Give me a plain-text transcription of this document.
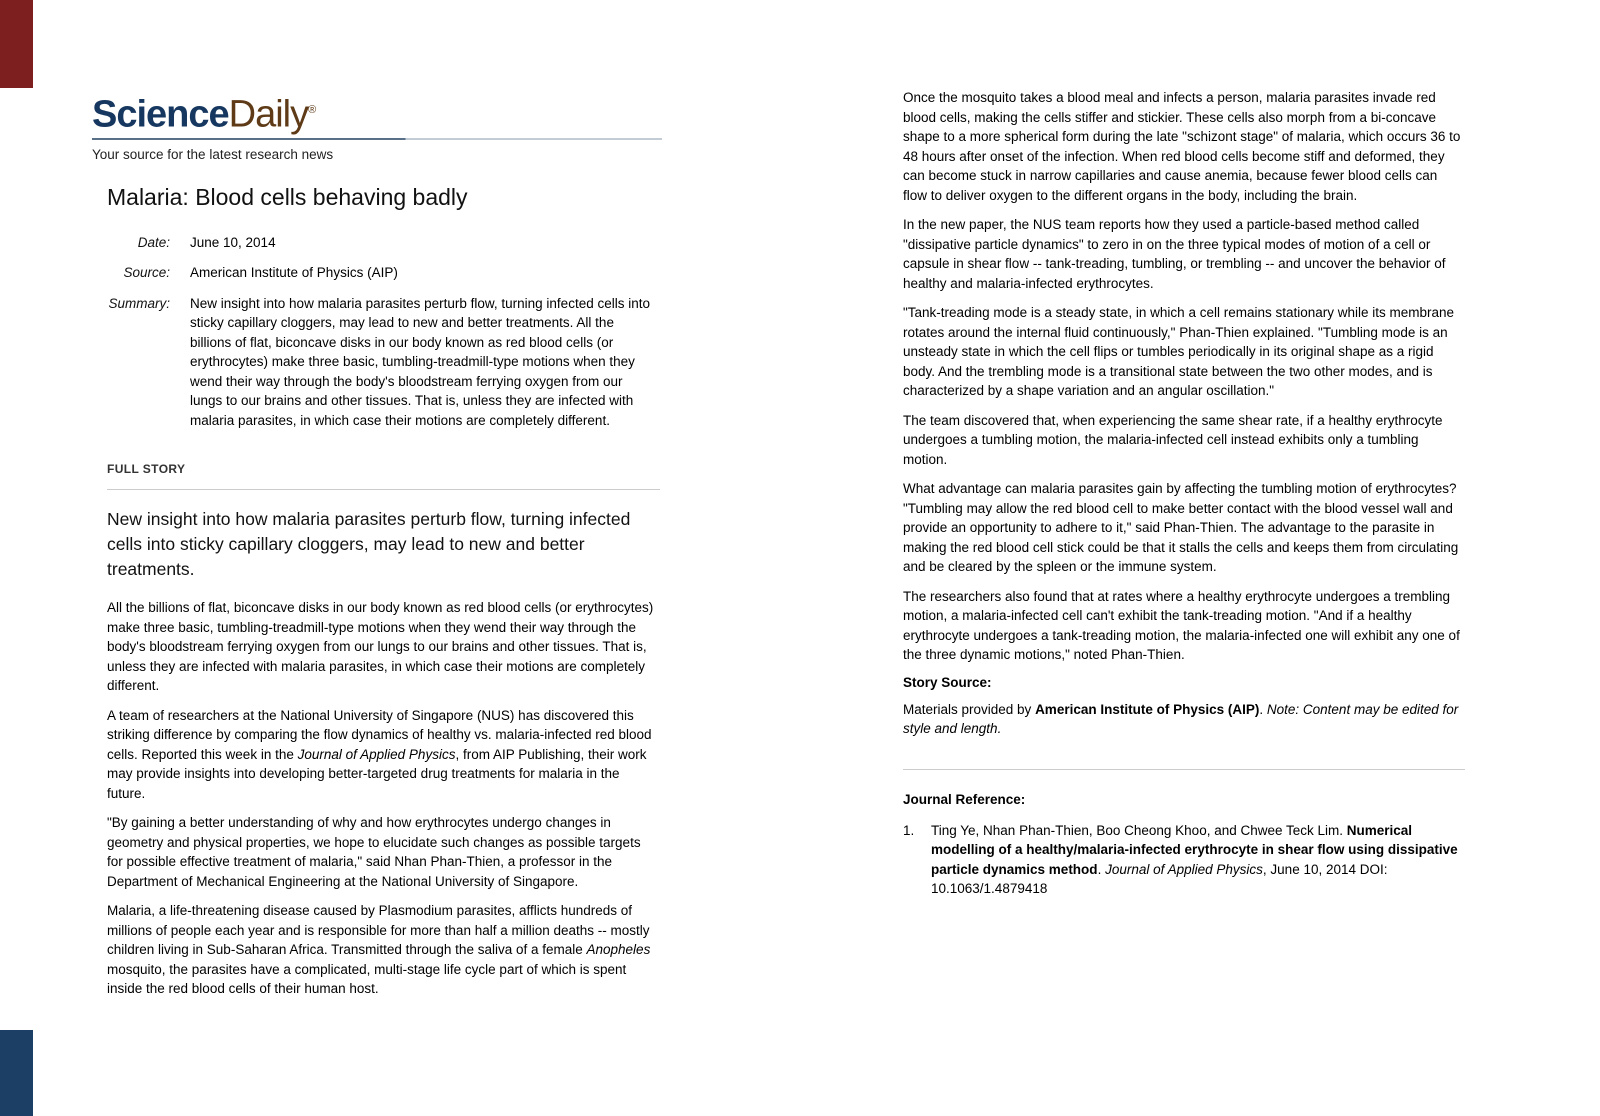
ScienceDaily®
Your source for the latest research news
Malaria: Blood cells behaving badly
Date: June 10, 2014
Source: American Institute of Physics (AIP)
Summary: New insight into how malaria parasites perturb flow, turning infected cells into sticky capillary cloggers, may lead to new and better treatments. All the billions of flat, biconcave disks in our body known as red blood cells (or erythrocytes) make three basic, tumbling-treadmill-type motions when they wend their way through the body's bloodstream ferrying oxygen from our lungs to our brains and other tissues. That is, unless they are infected with malaria parasites, in which case their motions are completely different.
FULL STORY
New insight into how malaria parasites perturb flow, turning infected cells into sticky capillary cloggers, may lead to new and better treatments.

All the billions of flat, biconcave disks in our body known as red blood cells (or erythrocytes) make three basic, tumbling-treadmill-type motions when they wend their way through the body's bloodstream ferrying oxygen from our lungs to our brains and other tissues. That is, unless they are infected with malaria parasites, in which case their motions are completely different.

A team of researchers at the National University of Singapore (NUS) has discovered this striking difference by comparing the flow dynamics of healthy vs. malaria-infected red blood cells. Reported this week in the Journal of Applied Physics, from AIP Publishing, their work may provide insights into developing better-targeted drug treatments for malaria in the future.

"By gaining a better understanding of why and how erythrocytes undergo changes in geometry and physical properties, we hope to elucidate such changes as possible targets for possible effective treatment of malaria," said Nhan Phan-Thien, a professor in the Department of Mechanical Engineering at the National University of Singapore.

Malaria, a life-threatening disease caused by Plasmodium parasites, afflicts hundreds of millions of people each year and is responsible for more than half a million deaths -- mostly children living in Sub-Saharan Africa. Transmitted through the saliva of a female Anopheles mosquito, the parasites have a complicated, multi-stage life cycle part of which is spent inside the red blood cells of their human host.

Once the mosquito takes a blood meal and infects a person, malaria parasites invade red blood cells, making the cells stiffer and stickier. These cells also morph from a bi-concave shape to a more spherical form during the late "schizont stage" of malaria, which occurs 36 to 48 hours after onset of the infection. When red blood cells become stiff and deformed, they can become stuck in narrow capillaries and cause anemia, because fewer blood cells can flow to deliver oxygen to the different organs in the body, including the brain.

In the new paper, the NUS team reports how they used a particle-based method called "dissipative particle dynamics" to zero in on the three typical modes of motion of a cell or capsule in shear flow -- tank-treading, tumbling, or trembling -- and uncover the behavior of healthy and malaria-infected erythrocytes.

"Tank-treading mode is a steady state, in which a cell remains stationary while its membrane rotates around the internal fluid continuously," Phan-Thien explained. "Tumbling mode is an unsteady state in which the cell flips or tumbles periodically in its original shape as a rigid body. And the trembling mode is a transitional state between the two other modes, and is characterized by a shape variation and an angular oscillation."

The team discovered that, when experiencing the same shear rate, if a healthy erythrocyte undergoes a tumbling motion, the malaria-infected cell instead exhibits only a tumbling motion.

What advantage can malaria parasites gain by affecting the tumbling motion of erythrocytes? "Tumbling may allow the red blood cell to make better contact with the blood vessel wall and provide an opportunity to adhere to it," said Phan-Thien. The advantage to the parasite in making the red blood cell stick could be that it stalls the cells and keeps them from circulating and be cleared by the spleen or the immune system.

The researchers also found that at rates where a healthy erythrocyte undergoes a trembling motion, a malaria-infected cell can't exhibit the tank-treading motion. "And if a healthy erythrocyte undergoes a tank-treading motion, the malaria-infected one will exhibit any one of the three dynamic motions," noted Phan-Thien.

Story Source:
Materials provided by American Institute of Physics (AIP). Note: Content may be edited for style and length.
Journal Reference:
1.	Ting Ye, Nhan Phan-Thien, Boo Cheong Khoo, and Chwee Teck Lim. Numerical modelling of a healthy/malaria-infected erythrocyte in shear flow using dissipative particle dynamics method. Journal of Applied Physics, June 10, 2014 DOI: 10.1063/1.4879418
